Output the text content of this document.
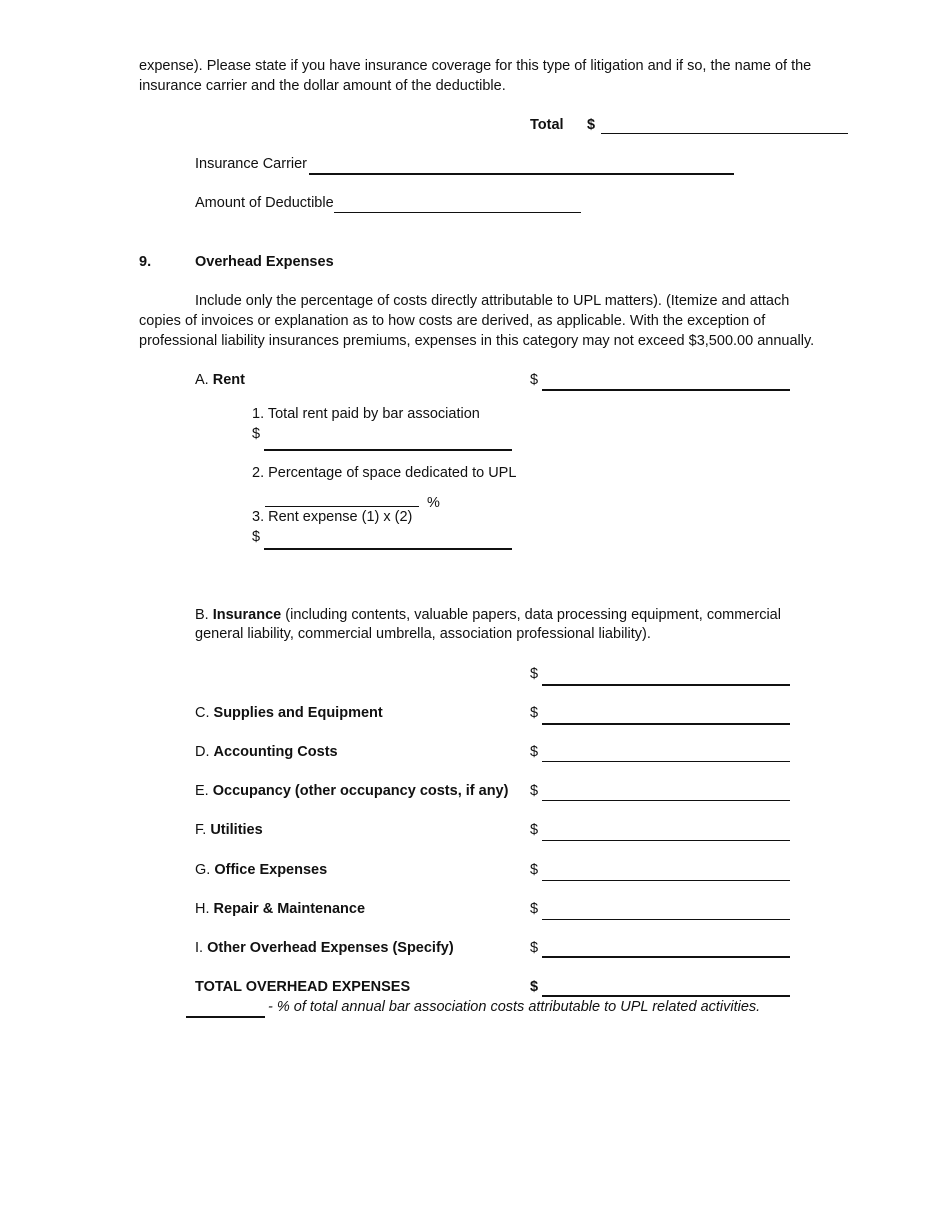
expense). Please state if you have insurance coverage for this type of litigation and if so, the name of the
insurance carrier and the dollar amount of the deductible.
Total $
Insurance Carrier
Amount of Deductible
9.	Overhead Expenses
Include only the percentage of costs directly attributable to UPL matters). (Itemize and attach
copies of invoices or explanation as to how costs are derived, as applicable. With the exception of
professional liability insurances premiums, expenses in this category may not exceed $3,500.00 annually.
A. Rent	$
1. Total rent paid by bar association
$
2. Percentage of space dedicated to UPL
%
3. Rent expense (1) x (2)
$
B. Insurance (including contents, valuable papers, data processing equipment, commercial
general liability, commercial umbrella, association professional liability).
$
C. Supplies and Equipment	$
D. Accounting Costs	$
E. Occupancy (other occupancy costs, if any) $
F. Utilities	$
G. Office Expenses	$
H. Repair & Maintenance	$
I. Other Overhead Expenses (Specify)	$
TOTAL OVERHEAD EXPENSES	$
- % of total annual bar association costs attributable to UPL related activities.
